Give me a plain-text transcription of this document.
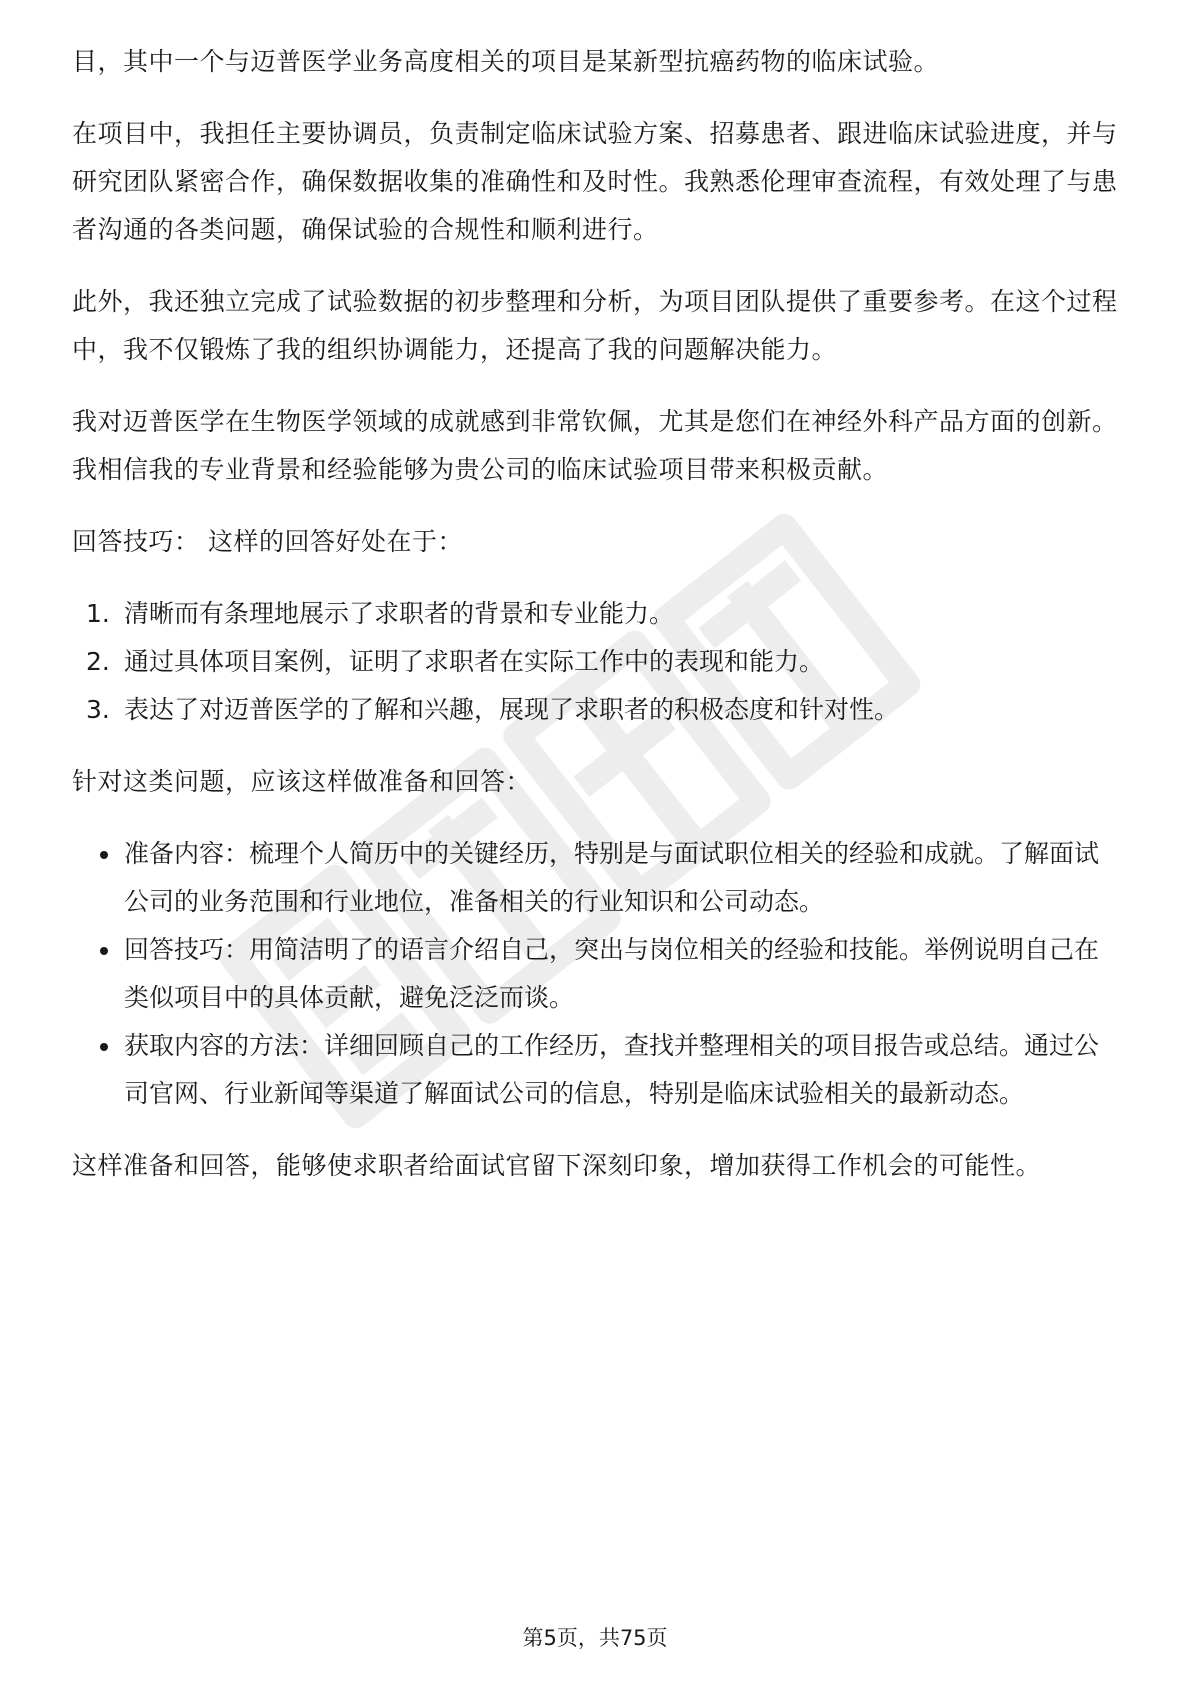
目，其中一个与迈普医学业务高度相关的项目是某新型抗癌药物的临床试验。

在项目中，我担任主要协调员，负责制定临床试验方案、招募患者、跟进临床试验进度，并与研究团队紧密合作，确保数据收集的准确性和及时性。我熟悉伦理审查流程，有效处理了与患者沟通的各类问题，确保试验的合规性和顺利进行。

此外，我还独立完成了试验数据的初步整理和分析，为项目团队提供了重要参考。在这个过程中，我不仅锻炼了我的组织协调能力，还提高了我的问题解决能力。

我对迈普医学在生物医学领域的成就感到非常钦佩，尤其是您们在神经外科产品方面的创新。我相信我的专业背景和经验能够为贵公司的临床试验项目带来积极贡献。

回答技巧： 这样的回答好处在于：

1. 清晰而有条理地展示了求职者的背景和专业能力。
2. 通过具体项目案例，证明了求职者在实际工作中的表现和能力。
3. 表达了对迈普医学的了解和兴趣，展现了求职者的积极态度和针对性。

针对这类问题，应该这样做准备和回答：

准备内容：梳理个人简历中的关键经历，特别是与面试职位相关的经验和成就。了解面试公司的业务范围和行业地位，准备相关的行业知识和公司动态。
回答技巧：用简洁明了的语言介绍自己，突出与岗位相关的经验和技能。举例说明自己在类似项目中的具体贡献，避免泛泛而谈。
获取内容的方法：详细回顾自己的工作经历，查找并整理相关的项目报告或总结。通过公司官网、行业新闻等渠道了解面试公司的信息，特别是临床试验相关的最新动态。

这样准备和回答，能够使求职者给面试官留下深刻印象，增加获得工作机会的可能性。

第5页，共75页
